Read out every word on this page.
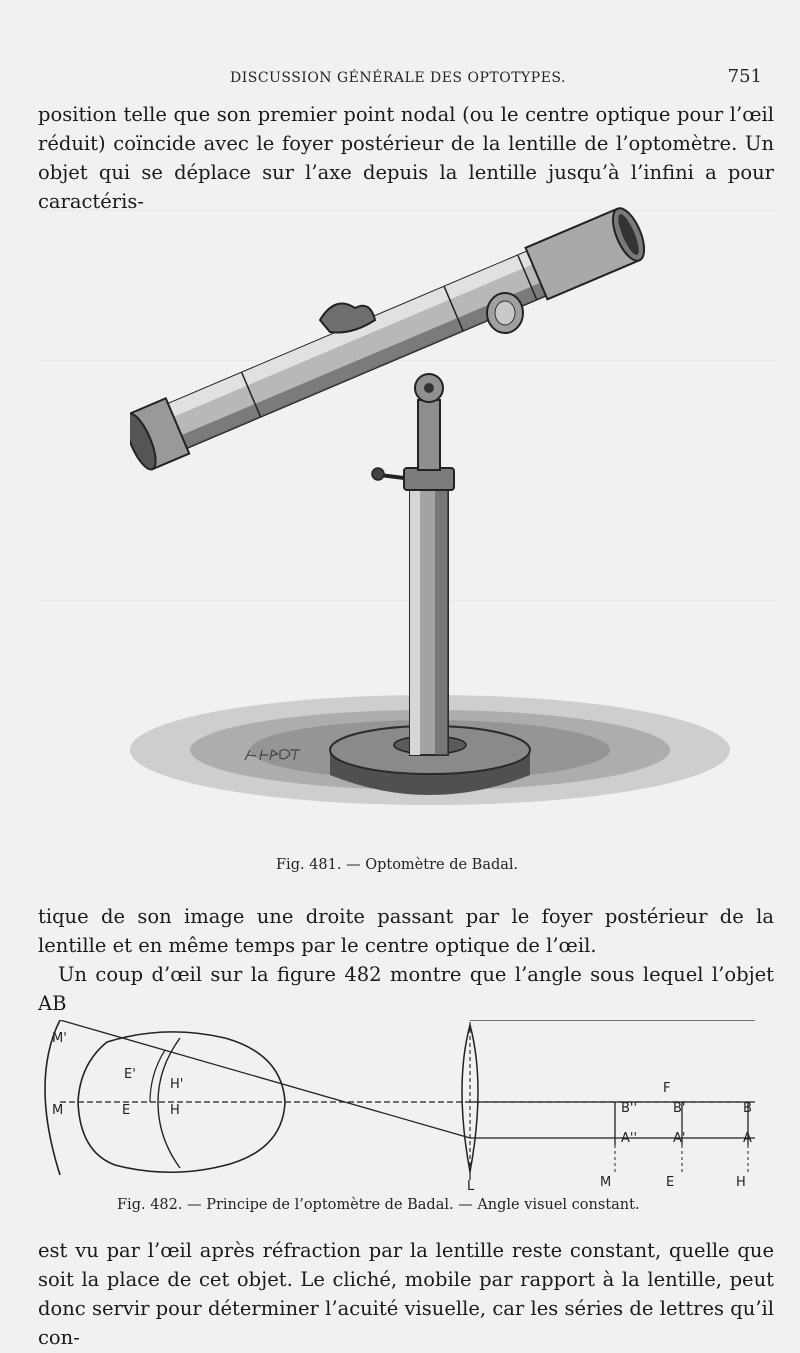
DISCUSSION GÉNÉRALE DES OPTOTYPES.	751
position telle que son premier point nodal (ou le centre optique pour l’œil réduit) coïncide avec le foyer postérieur de la lentille de l’optomètre. Un objet qui se déplace sur l’axe depuis la lentille jusqu’à l’infini a pour caractéris-
Fig. 481. — Optomètre de Badal.
tique de son image une droite passant par le foyer postérieur de la lentille et en même temps par le centre optique de l’œil.
Un coup d’œil sur la figure 482 montre que l’angle sous lequel l’objet AB
M'
M
E'
E
H'
H
L
F
B''	B'	B
A''	A'	A
M	E	H
Fig. 482. — Principe de l’optomètre de Badal. — Angle visuel constant.
est vu par l’œil après réfraction par la lentille reste constant, quelle que soit la place de cet objet. Le cliché, mobile par rapport à la lentille, peut donc servir pour déterminer l’acuité visuelle, car les séries de lettres qu’il con-
